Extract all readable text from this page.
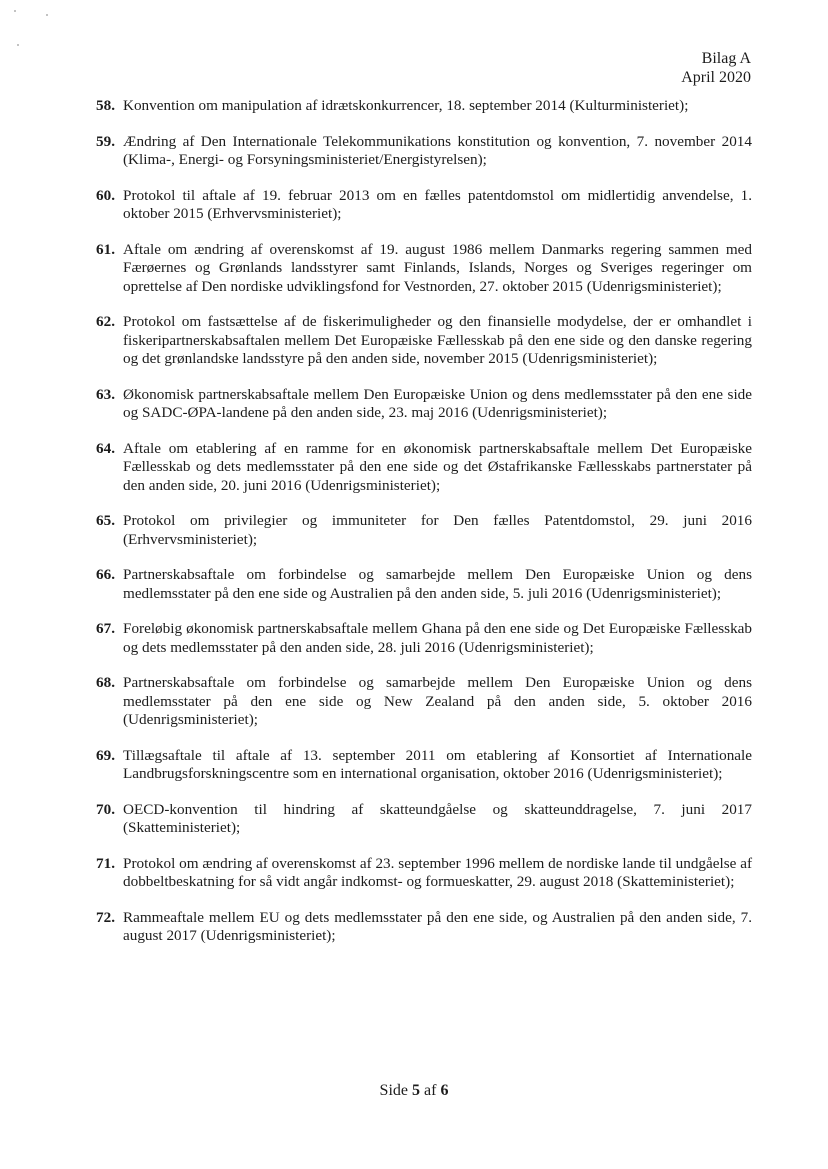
Bilag A
April 2020
58. Konvention om manipulation af idrætskonkurrencer, 18. september 2014 (Kulturministeriet);
59. Ændring af Den Internationale Telekommunikations konstitution og konvention, 7. november 2014 (Klima-, Energi- og Forsyningsministeriet/Energistyrelsen);
60. Protokol til aftale af 19. februar 2013 om en fælles patentdomstol om midlertidig anvendelse, 1. oktober 2015 (Erhvervsministeriet);
61. Aftale om ændring af overenskomst af 19. august 1986 mellem Danmarks regering sammen med Færøernes og Grønlands landsstyrer samt Finlands, Islands, Norges og Sveriges regeringer om oprettelse af Den nordiske udviklingsfond for Vestnorden, 27. oktober 2015 (Udenrigsministeriet);
62. Protokol om fastsættelse af de fiskerimuligheder og den finansielle modydelse, der er omhandlet i fiskeripartnerskabsaftalen mellem Det Europæiske Fællesskab på den ene side og den danske regering og det grønlandske landsstyre på den anden side, november 2015 (Udenrigsministeriet);
63. Økonomisk partnerskabsaftale mellem Den Europæiske Union og dens medlemsstater på den ene side og SADC-ØPA-landene på den anden side, 23. maj 2016 (Udenrigsministeriet);
64. Aftale om etablering af en ramme for en økonomisk partnerskabsaftale mellem Det Europæiske Fællesskab og dets medlemsstater på den ene side og det Østafrikanske Fællesskabs partnerstater på den anden side, 20. juni 2016 (Udenrigsministeriet);
65. Protokol om privilegier og immuniteter for Den fælles Patentdomstol, 29. juni 2016 (Erhvervsministeriet);
66. Partnerskabsaftale om forbindelse og samarbejde mellem Den Europæiske Union og dens medlemsstater på den ene side og Australien på den anden side, 5. juli 2016 (Udenrigsministeriet);
67. Foreløbig økonomisk partnerskabsaftale mellem Ghana på den ene side og Det Europæiske Fællesskab og dets medlemsstater på den anden side, 28. juli 2016 (Udenrigsministeriet);
68. Partnerskabsaftale om forbindelse og samarbejde mellem Den Europæiske Union og dens medlemsstater på den ene side og New Zealand på den anden side, 5. oktober 2016 (Udenrigsministeriet);
69. Tillægsaftale til aftale af 13. september 2011 om etablering af Konsortiet af Internationale Landbrugsforskningscentre som en international organisation, oktober 2016 (Udenrigsministeriet);
70. OECD-konvention til hindring af skatteundgåelse og skatteunddragelse, 7. juni 2017 (Skatteministeriet);
71. Protokol om ændring af overenskomst af 23. september 1996 mellem de nordiske lande til undgåelse af dobbeltbeskatning for så vidt angår indkomst- og formueskatter, 29. august 2018 (Skatteministeriet);
72. Rammeaftale mellem EU og dets medlemsstater på den ene side, og Australien på den anden side, 7. august 2017 (Udenrigsministeriet);
Side 5 af 6
